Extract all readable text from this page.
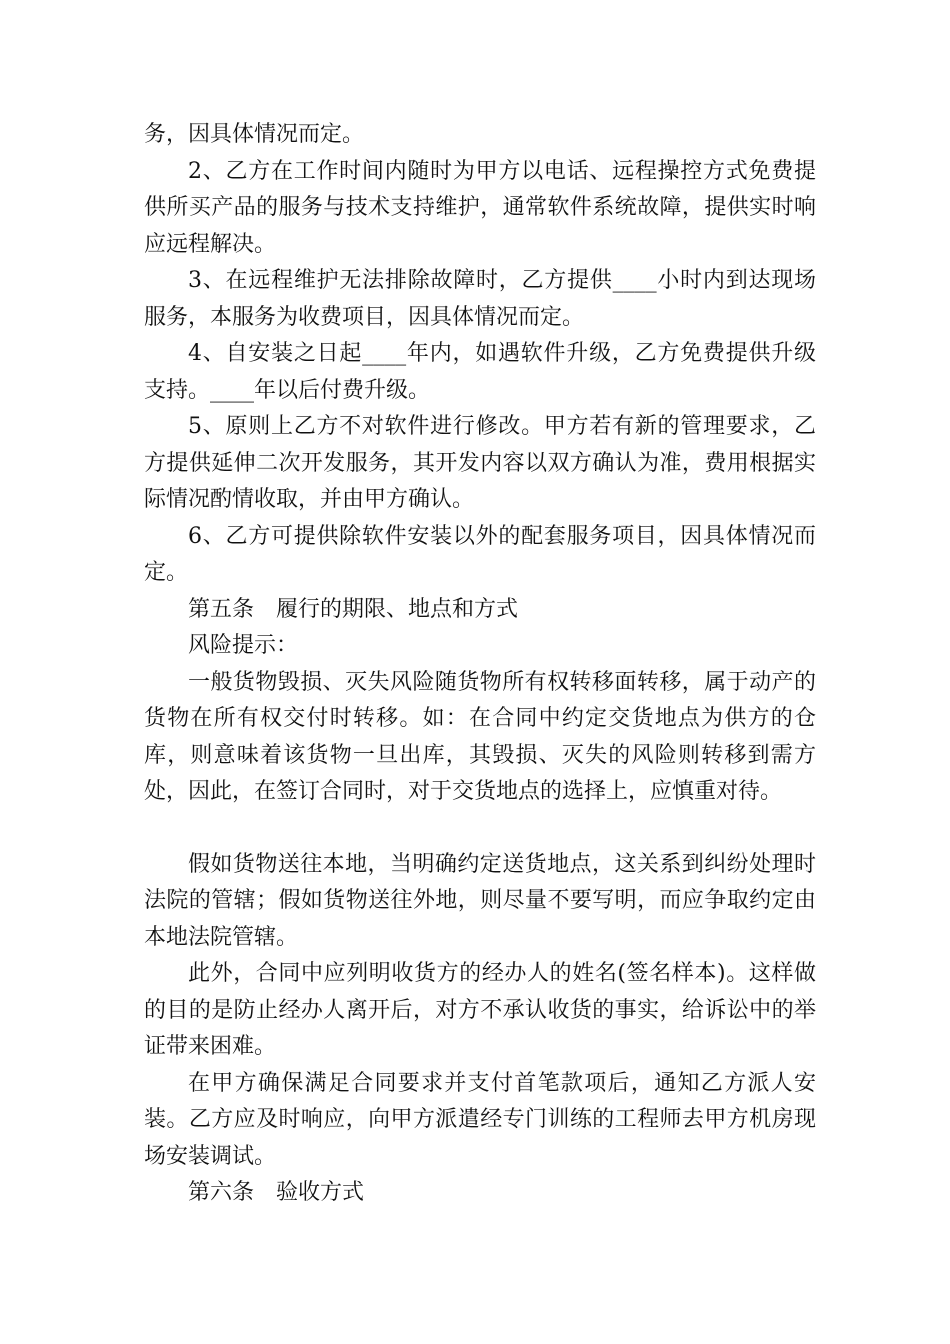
务，因具体情况而定。

2、乙方在工作时间内随时为甲方以电话、远程操控方式免费提供所买产品的服务与技术支持维护，通常软件系统故障，提供实时响应远程解决。

3、在远程维护无法排除故障时，乙方提供____小时内到达现场服务，本服务为收费项目，因具体情况而定。

4、自安装之日起____年内，如遇软件升级，乙方免费提供升级支持。____年以后付费升级。

5、原则上乙方不对软件进行修改。甲方若有新的管理要求，乙方提供延伸二次开发服务，其开发内容以双方确认为准，费用根据实际情况酌情收取，并由甲方确认。

6、乙方可提供除软件安装以外的配套服务项目，因具体情况而定。

第五条　履行的期限、地点和方式

风险提示：

一般货物毁损、灭失风险随货物所有权转移面转移，属于动产的货物在所有权交付时转移。如：在合同中约定交货地点为供方的仓库，则意味着该货物一旦出库，其毁损、灭失的风险则转移到需方处，因此，在签订合同时，对于交货地点的选择上，应慎重对待。

假如货物送往本地，当明确约定送货地点，这关系到纠纷处理时法院的管辖；假如货物送往外地，则尽量不要写明，而应争取约定由本地法院管辖。

此外，合同中应列明收货方的经办人的姓名(签名样本)。这样做的目的是防止经办人离开后，对方不承认收货的事实，给诉讼中的举证带来困难。

在甲方确保满足合同要求并支付首笔款项后，通知乙方派人安装。乙方应及时响应，向甲方派遣经专门训练的工程师去甲方机房现场安装调试。

第六条　验收方式
